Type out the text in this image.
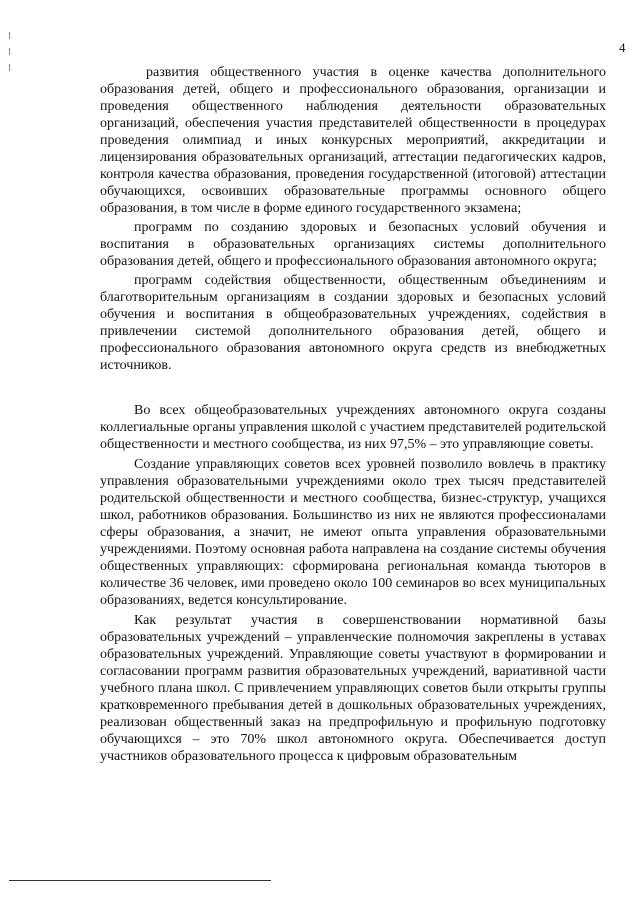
4

развития общественного участия в оценке качества дополнительного образования детей, общего и профессионального образования, организации и проведения общественного наблюдения деятельности образовательных организаций, обеспечения участия представителей общественности в процедурах проведения олимпиад и иных конкурсных мероприятий, аккредитации и лицензирования образовательных организаций, аттестации педагогических кадров, контроля качества образования, проведения государственной (итоговой) аттестации обучающихся, освоивших образовательные программы основного общего образования, в том числе в форме единого государственного экзамена;

программ по созданию здоровых и безопасных условий обучения и воспитания в образовательных организациях системы дополнительного образования детей, общего и профессионального образования автономного округа;

программ содействия общественности, общественным объединениям и благотворительным организациям в создании здоровых и безопасных условий обучения и воспитания в общеобразовательных учреждениях, содействия в привлечении системой дополнительного образования детей, общего и профессионального образования автономного округа средств из внебюджетных источников.

Во всех общеобразовательных учреждениях автономного округа созданы коллегиальные органы управления школой с участием представителей родительской общественности и местного сообщества, из них 97,5% – это управляющие советы.

Создание управляющих советов всех уровней позволило вовлечь в практику управления образовательными учреждениями около трех тысяч представителей родительской общественности и местного сообщества, бизнес-структур, учащихся школ, работников образования. Большинство из них не являются профессионалами сферы образования, а значит, не имеют опыта управления образовательными учреждениями. Поэтому основная работа направлена на создание системы обучения общественных управляющих: сформирована региональная команда тьюторов в количестве 36 человек, ими проведено около 100 семинаров во всех муниципальных образованиях, ведется консультирование.

Как результат участия в совершенствовании нормативной базы образовательных учреждений – управленческие полномочия закреплены в уставах образовательных учреждений. Управляющие советы участвуют в формировании и согласовании программ развития образовательных учреждений, вариативной части учебного плана школ. С привлечением управляющих советов были открыты группы кратковременного пребывания детей в дошкольных образовательных учреждениях, реализован общественный заказ на предпрофильную и профильную подготовку обучающихся – это 70% школ автономного округа. Обеспечивается доступ участников образовательного процесса к цифровым образовательным
